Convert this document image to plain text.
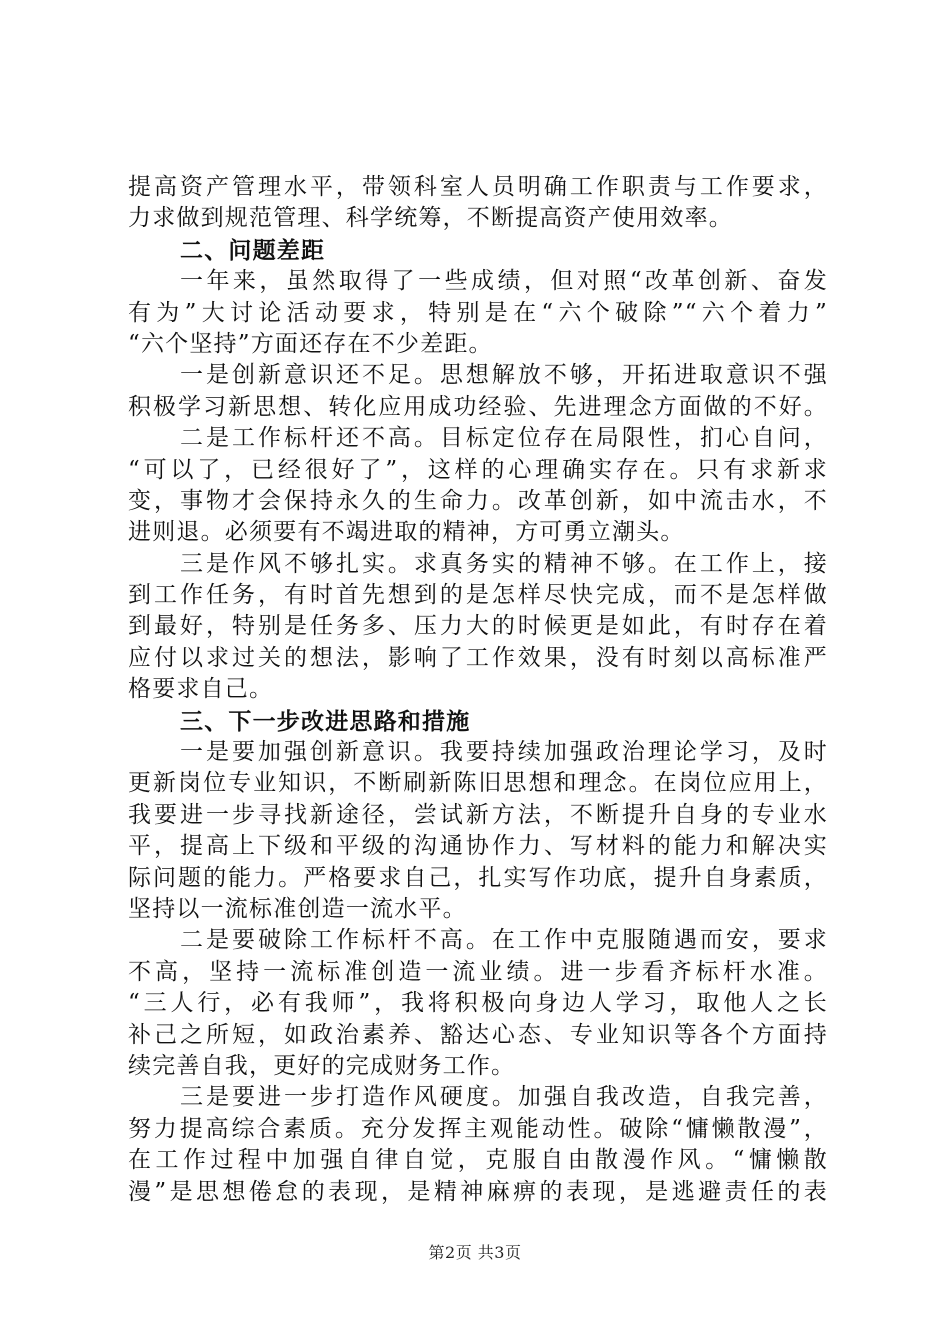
提高资产管理水平，带领科室人员明确工作职责与工作要求，
力求做到规范管理、科学统筹，不断提高资产使用效率。
二、问题差距
一年来，虽然取得了一些成绩，但对照“改革创新、奋发
有为”大讨论活动要求，特别是在“六个破除”“六个着力”
“六个坚持”方面还存在不少差距。
一是创新意识还不足。思想解放不够，开拓进取意识不强
积极学习新思想、转化应用成功经验、先进理念方面做的不好。
二是工作标杆还不高。目标定位存在局限性，扪心自问，
“可以了，已经很好了”，这样的心理确实存在。只有求新求
变，事物才会保持永久的生命力。改革创新，如中流击水，不
进则退。必须要有不竭进取的精神，方可勇立潮头。
三是作风不够扎实。求真务实的精神不够。在工作上，接
到工作任务，有时首先想到的是怎样尽快完成，而不是怎样做
到最好，特别是任务多、压力大的时候更是如此，有时存在着
应付以求过关的想法，影响了工作效果，没有时刻以高标准严
格要求自己。
三、下一步改进思路和措施
一是要加强创新意识。我要持续加强政治理论学习，及时
更新岗位专业知识，不断刷新陈旧思想和理念。在岗位应用上，
我要进一步寻找新途径，尝试新方法，不断提升自身的专业水
平，提高上下级和平级的沟通协作力、写材料的能力和解决实
际问题的能力。严格要求自己，扎实写作功底，提升自身素质，
坚持以一流标准创造一流水平。
二是要破除工作标杆不高。在工作中克服随遇而安，要求
不高，坚持一流标准创造一流业绩。进一步看齐标杆水准。
“三人行，必有我师”，我将积极向身边人学习，取他人之长
补己之所短，如政治素养、豁达心态、专业知识等各个方面持
续完善自我，更好的完成财务工作。
三是要进一步打造作风硬度。加强自我改造，自我完善，
努力提高综合素质。充分发挥主观能动性。破除“慵懒散漫”，
在工作过程中加强自律自觉，克服自由散漫作风。“慵懒散
漫”是思想倦怠的表现，是精神麻痹的表现，是逃避责任的表
第2页 共3页
